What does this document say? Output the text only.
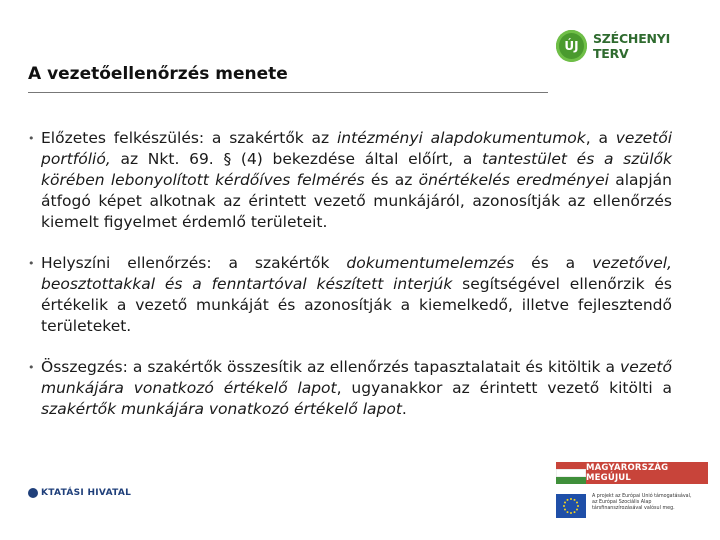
A vezetőellenőrzés menete
ÚJ	SZÉCHENYI TERV
• Előzetes felkészülés: a szakértők az intézményi alapdokumentumok, a vezetői portfólió, az Nkt. 69. § (4) bekezdése által előírt, a tantestület és a szülők körében lebonyolított kérdőíves felmérés és az önértékelés eredményei alapján átfogó képet alkotnak az érintett vezető munkájáról, azonosítják az ellenőrzés kiemelt figyelmet érdemlő területeit.
• Helyszíni ellenőrzés: a szakértők dokumentumelemzés és a vezetővel, beosztottakkal és a fenntartóval készített interjúk segítségével ellenőrzik és értékelik a vezető munkáját és azonosítják a kiemelkedő, illetve fejlesztendő területeket.
• Összegzés: a szakértők összesítik az ellenőrzés tapasztalatait és kitöltik a vezető munkájára vonatkozó értékelő lapot, ugyanakkor az érintett vezető kitölti a szakértők munkájára vonatkozó értékelő lapot.
KTATÁSI HIVATAL
MAGYARORSZÁG MEGÚJUL
A projekt az Európai Unió támogatásával,
az Európai Szociális Alap
társfinanszírozásával valósul meg.
